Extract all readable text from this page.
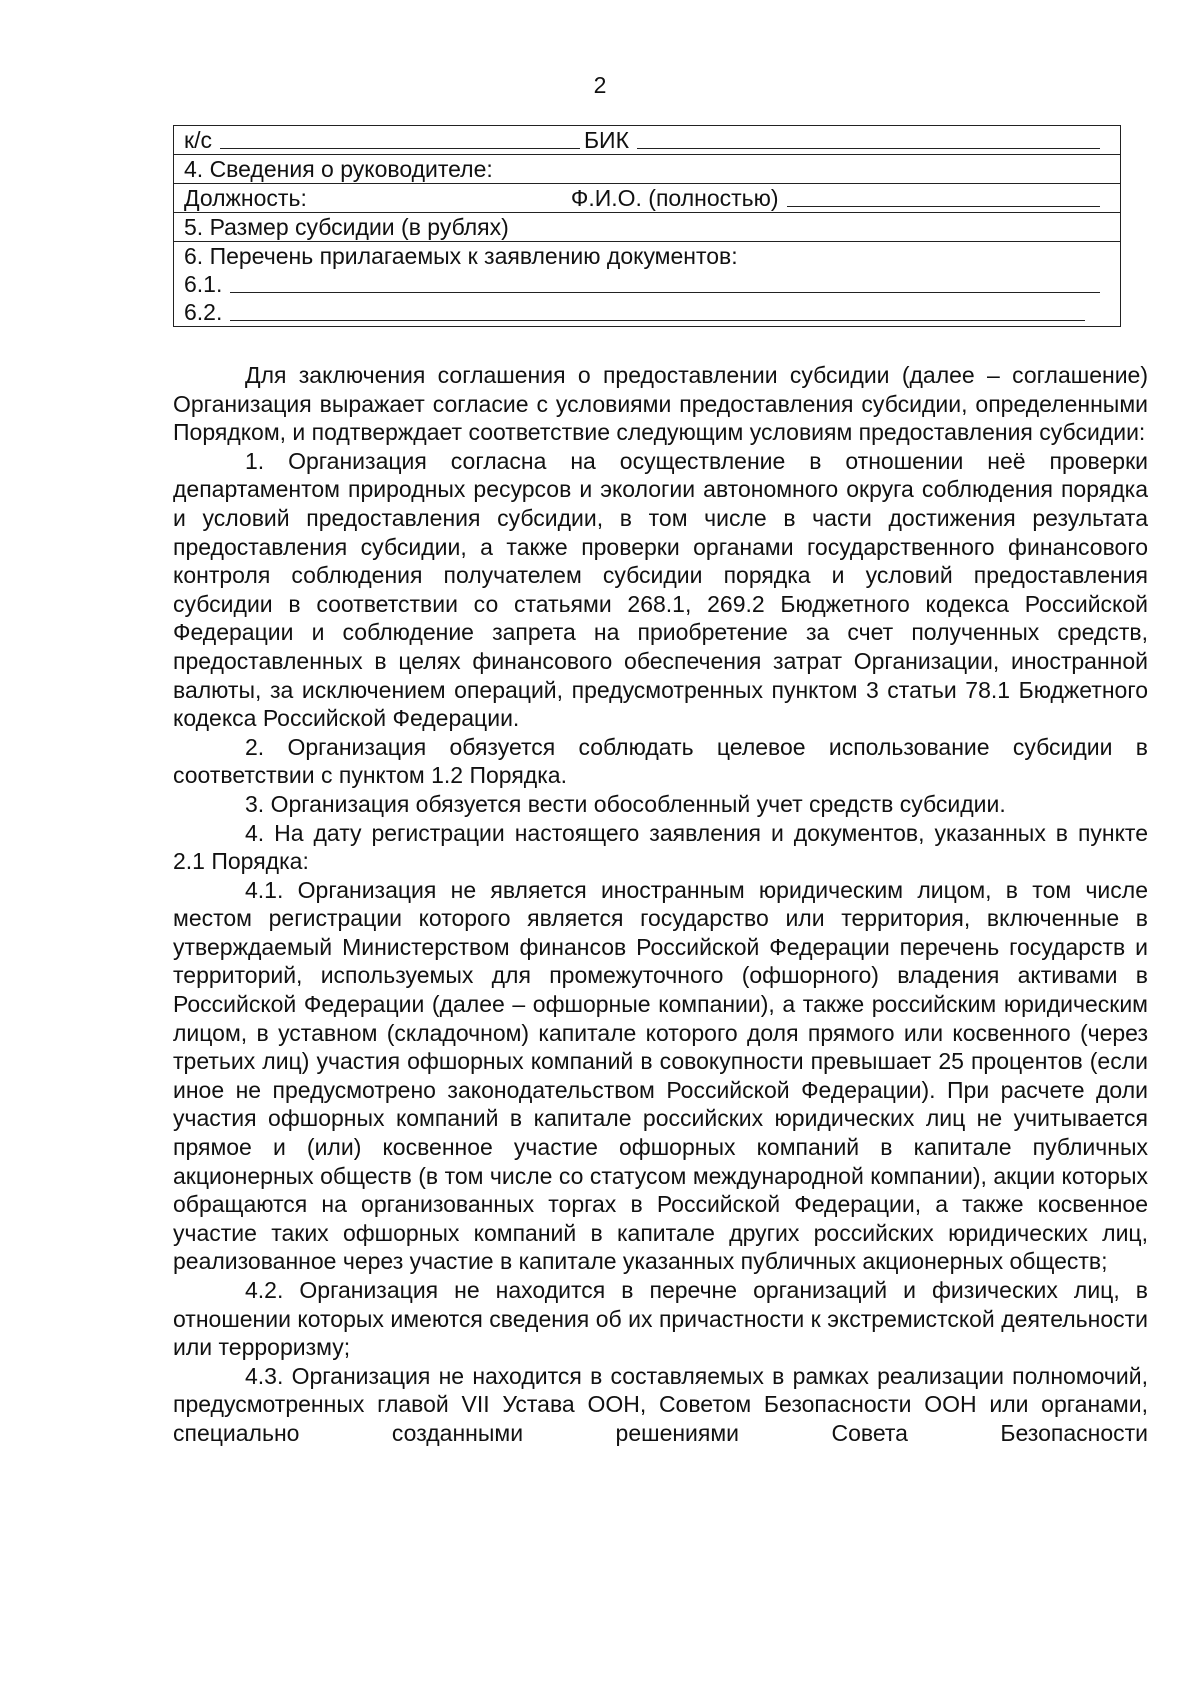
2
к/с	БИК

4. Сведения о руководителе:

Должность:	Ф.И.О. (полностью)

5. Размер субсидии (в рублях)

6. Перечень прилагаемых к заявлению документов:
6.1.
6.2.

Для заключения соглашения о предоставлении субсидии (далее – соглашение) Организация выражает согласие с условиями предоставления субсидии, определенными Порядком, и подтверждает соответствие следующим условиям предоставления субсидии:

1. Организация согласна на осуществление в отношении неё проверки департаментом природных ресурсов и экологии автономного округа соблюдения порядка и условий предоставления субсидии, в том числе в части достижения результата предоставления субсидии, а также проверки органами государственного финансового контроля соблюдения получателем субсидии порядка и условий предоставления субсидии в соответствии со статьями 268.1, 269.2 Бюджетного кодекса Российской Федерации и соблюдение запрета на приобретение за счет полученных средств, предоставленных в целях финансового обеспечения затрат Организации, иностранной валюты, за исключением операций, предусмотренных пунктом 3 статьи 78.1 Бюджетного кодекса Российской Федерации.

2. Организация обязуется соблюдать целевое использование субсидии в соответствии с пунктом 1.2 Порядка.

3. Организация обязуется вести обособленный учет средств субсидии.

4. На дату регистрации настоящего заявления и документов, указанных в пункте 2.1 Порядка:

4.1. Организация не является иностранным юридическим лицом, в том числе местом регистрации которого является государство или территория, включенные в утверждаемый Министерством финансов Российской Федерации перечень государств и территорий, используемых для промежуточного (офшорного) владения активами в Российской Федерации (далее – офшорные компании), а также российским юридическим лицом, в уставном (складочном) капитале которого доля прямого или косвенного (через третьих лиц) участия офшорных компаний в совокупности превышает 25 процентов (если иное не предусмотрено законодательством Российской Федерации). При расчете доли участия офшорных компаний в капитале российских юридических лиц не учитывается прямое и (или) косвенное участие офшорных компаний в капитале публичных акционерных обществ (в том числе со статусом международной компании), акции которых обращаются на организованных торгах в Российской Федерации, а также косвенное участие таких офшорных компаний в капитале других российских юридических лиц, реализованное через участие в капитале указанных публичных акционерных обществ;

4.2. Организация не находится в перечне организаций и физических лиц, в отношении которых имеются сведения об их причастности к экстремистской деятельности или терроризму;

4.3. Организация не находится в составляемых в рамках реализации полномочий, предусмотренных главой VII Устава ООН, Советом Безопасности ООН или органами, специально созданными решениями Совета Безопасности
